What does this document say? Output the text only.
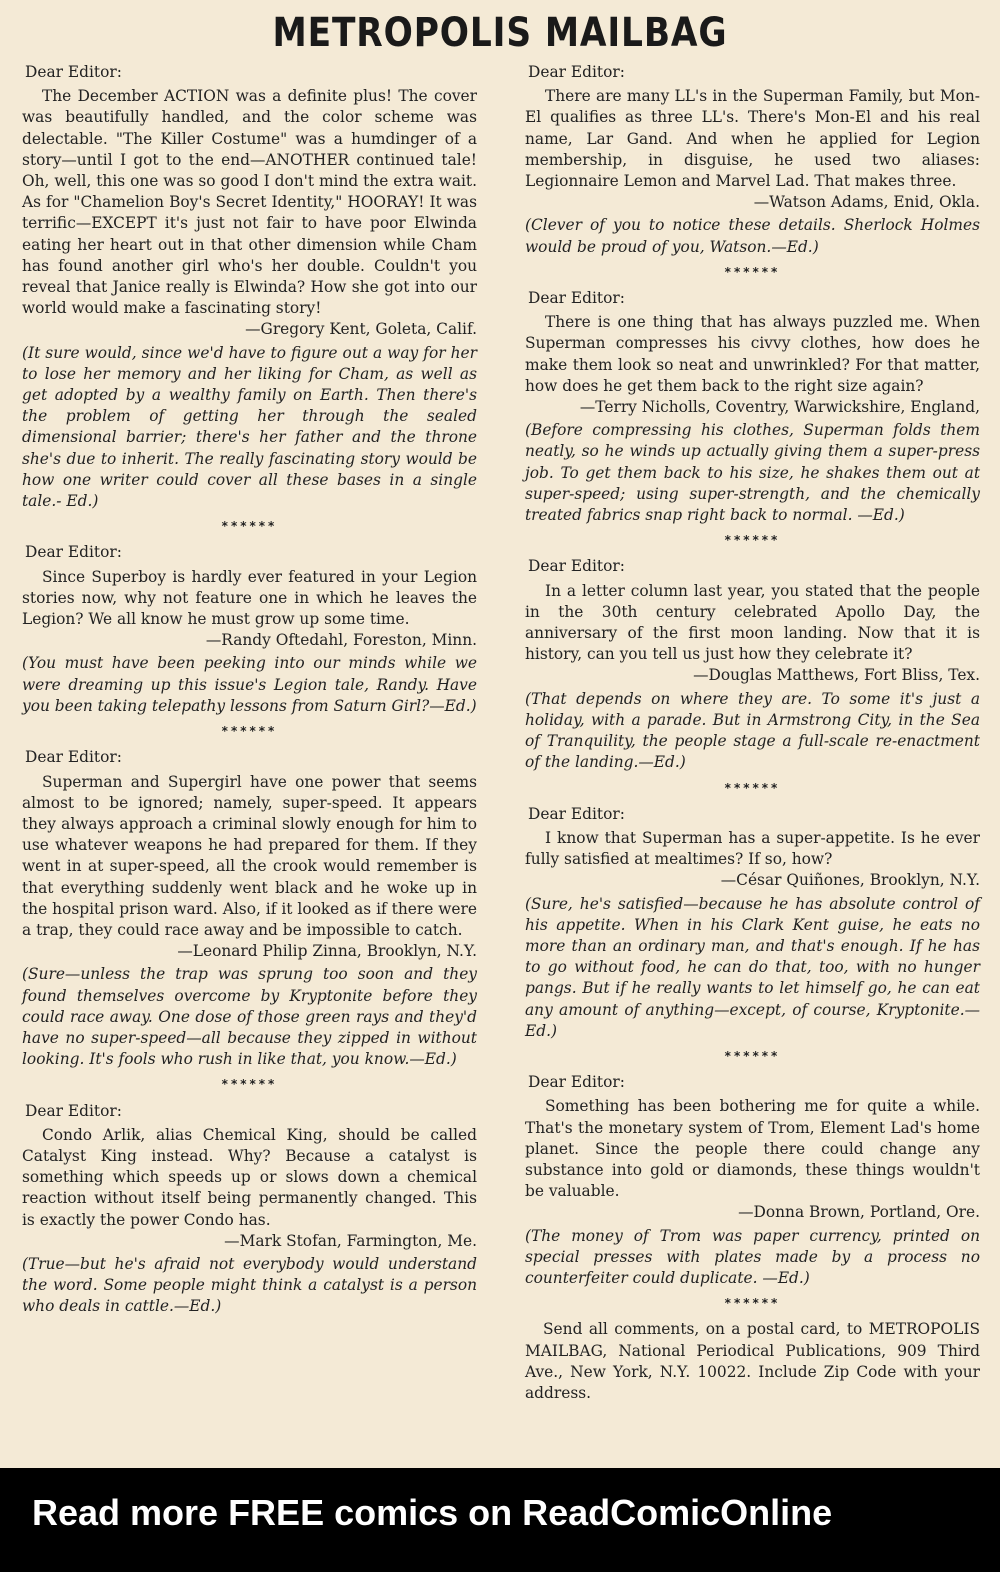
METROPOLIS MAILBAG

Dear Editor:

The December ACTION was a definite plus! The cover was beautifully handled, and the color scheme was delectable. "The Killer Costume" was a humdinger of a story—until I got to the end—ANOTHER continued tale! Oh, well, this one was so good I don't mind the extra wait. As for "Chamelion Boy's Secret Identity," HOORAY! It was terrific—EXCEPT it's just not fair to have poor Elwinda eating her heart out in that other dimension while Cham has found another girl who's her double. Couldn't you reveal that Janice really is Elwinda? How she got into our world would make a fascinating story!

—Gregory Kent, Goleta, Calif.

(It sure would, since we'd have to figure out a way for her to lose her memory and her liking for Cham, as well as get adopted by a wealthy family on Earth. Then there's the problem of getting her through the sealed dimensional barrier; there's her father and the throne she's due to inherit. The really fascinating story would be how one writer could cover all these bases in a single tale.- Ed.)

******

Dear Editor:

Since Superboy is hardly ever featured in your Legion stories now, why not feature one in which he leaves the Legion? We all know he must grow up some time.

—Randy Oftedahl, Foreston, Minn.

(You must have been peeking into our minds while we were dreaming up this issue's Legion tale, Randy. Have you been taking telepathy lessons from Saturn Girl?—Ed.)

******

Dear Editor:

Superman and Supergirl have one power that seems almost to be ignored; namely, super-speed. It appears they always approach a criminal slowly enough for him to use whatever weapons he had prepared for them. If they went in at super-speed, all the crook would remember is that everything suddenly went black and he woke up in the hospital prison ward. Also, if it looked as if there were a trap, they could race away and be impossible to catch.

—Leonard Philip Zinna, Brooklyn, N.Y.

(Sure—unless the trap was sprung too soon and they found themselves overcome by Kryptonite before they could race away. One dose of those green rays and they'd have no super-speed—all because they zipped in without looking. It's fools who rush in like that, you know.—Ed.)

******

Dear Editor:

Condo Arlik, alias Chemical King, should be called Catalyst King instead. Why? Because a catalyst is something which speeds up or slows down a chemical reaction without itself being permanently changed. This is exactly the power Condo has.

—Mark Stofan, Farmington, Me.

(True—but he's afraid not everybody would understand the word. Some people might think a catalyst is a person who deals in cattle.—Ed.)

Dear Editor:

There are many LL's in the Superman Family, but Mon-El qualifies as three LL's. There's Mon-El and his real name, Lar Gand. And when he applied for Legion membership, in disguise, he used two aliases: Legionnaire Lemon and Marvel Lad. That makes three.

—Watson Adams, Enid, Okla.

(Clever of you to notice these details. Sherlock Holmes would be proud of you, Watson.—Ed.)

******

Dear Editor:

There is one thing that has always puzzled me. When Superman compresses his civvy clothes, how does he make them look so neat and unwrinkled? For that matter, how does he get them back to the right size again?

—Terry Nicholls, Coventry, Warwickshire, England,

(Before compressing his clothes, Superman folds them neatly, so he winds up actually giving them a super-press job. To get them back to his size, he shakes them out at super-speed; using super-strength, and the chemically treated fabrics snap right back to normal. —Ed.)

******

Dear Editor:

In a letter column last year, you stated that the people in the 30th century celebrated Apollo Day, the anniversary of the first moon landing. Now that it is history, can you tell us just how they celebrate it?

—Douglas Matthews, Fort Bliss, Tex.

(That depends on where they are. To some it's just a holiday, with a parade. But in Armstrong City, in the Sea of Tranquility, the people stage a full-scale re-enactment of the landing.—Ed.)

******

Dear Editor:

I know that Superman has a super-appetite. Is he ever fully satisfied at mealtimes? If so, how?

—César Quiñones, Brooklyn, N.Y.

(Sure, he's satisfied—because he has absolute control of his appetite. When in his Clark Kent guise, he eats no more than an ordinary man, and that's enough. If he has to go without food, he can do that, too, with no hunger pangs. But if he really wants to let himself go, he can eat any amount of anything—except, of course, Kryptonite.—Ed.)

******

Dear Editor:

Something has been bothering me for quite a while. That's the monetary system of Trom, Element Lad's home planet. Since the people there could change any substance into gold or diamonds, these things wouldn't be valuable.

—Donna Brown, Portland, Ore.

(The money of Trom was paper currency, printed on special presses with plates made by a process no counterfeiter could duplicate. —Ed.)

******

Send all comments, on a postal card, to METROPOLIS MAILBAG, National Periodical Publications, 909 Third Ave., New York, N.Y. 10022. Include Zip Code with your address.

Read more FREE comics on ReadComicOnline
